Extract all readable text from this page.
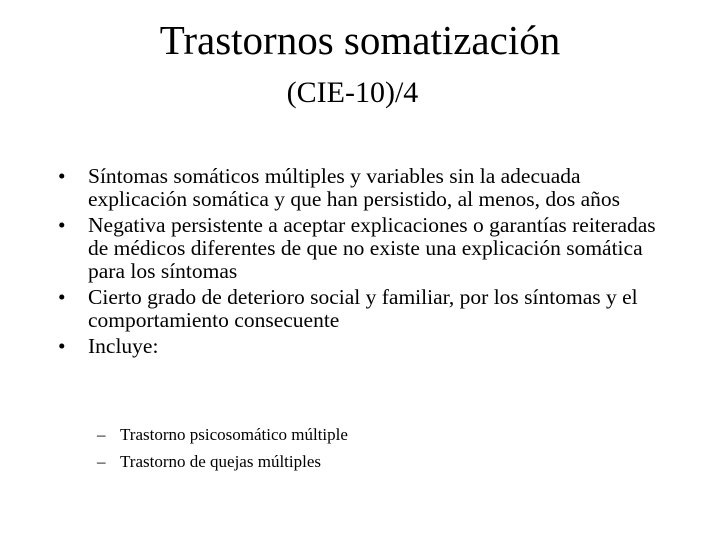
Trastornos somatización
(CIE-10)/4
• Síntomas somáticos múltiples y variables sin la adecuada explicación somática y que han persistido, al menos, dos años
• Negativa persistente a aceptar explicaciones o garantías reiteradas de médicos diferentes de que no existe una explicación somática para los síntomas
• Cierto grado de deterioro social y familiar, por los síntomas y el comportamiento consecuente
• Incluye:
– Trastorno psicosomático múltiple
– Trastorno de quejas múltiples
